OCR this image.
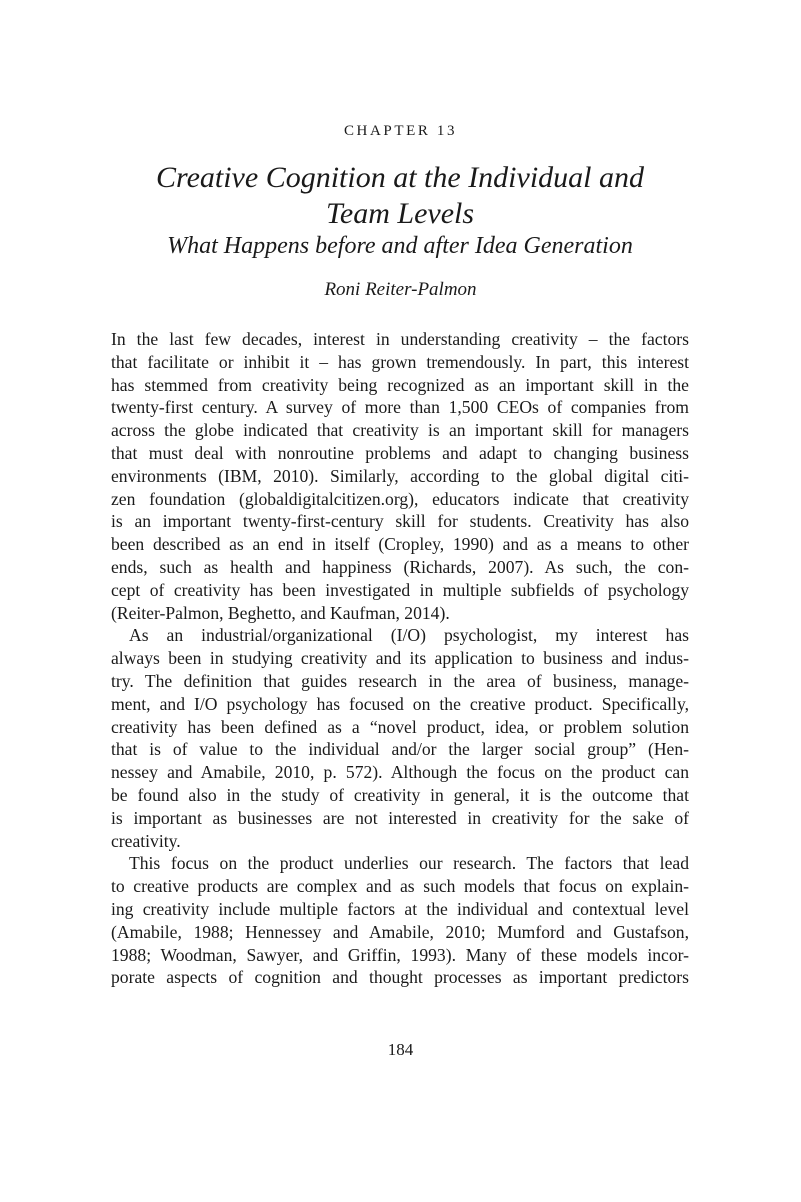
CHAPTER 13
Creative Cognition at the Individual and
Team Levels
What Happens before and after Idea Generation
Roni Reiter-Palmon
In the last few decades, interest in understanding creativity – the factors
that facilitate or inhibit it – has grown tremendously. In part, this interest
has stemmed from creativity being recognized as an important skill in the
twenty-first century. A survey of more than 1,500 CEOs of companies from
across the globe indicated that creativity is an important skill for managers
that must deal with nonroutine problems and adapt to changing business
environments (IBM, 2010). Similarly, according to the global digital citi-
zen foundation (globaldigitalcitizen.org), educators indicate that creativity
is an important twenty-first-century skill for students. Creativity has also
been described as an end in itself (Cropley, 1990) and as a means to other
ends, such as health and happiness (Richards, 2007). As such, the con-
cept of creativity has been investigated in multiple subfields of psychology
(Reiter-Palmon, Beghetto, and Kaufman, 2014).
As an industrial/organizational (I/O) psychologist, my interest has
always been in studying creativity and its application to business and indus-
try. The definition that guides research in the area of business, manage-
ment, and I/O psychology has focused on the creative product. Specifically,
creativity has been defined as a “novel product, idea, or problem solution
that is of value to the individual and/or the larger social group” (Hen-
nessey and Amabile, 2010, p. 572). Although the focus on the product can
be found also in the study of creativity in general, it is the outcome that
is important as businesses are not interested in creativity for the sake of
creativity.
This focus on the product underlies our research. The factors that lead
to creative products are complex and as such models that focus on explain-
ing creativity include multiple factors at the individual and contextual level
(Amabile, 1988; Hennessey and Amabile, 2010; Mumford and Gustafson,
1988; Woodman, Sawyer, and Griffin, 1993). Many of these models incor-
porate aspects of cognition and thought processes as important predictors
184
